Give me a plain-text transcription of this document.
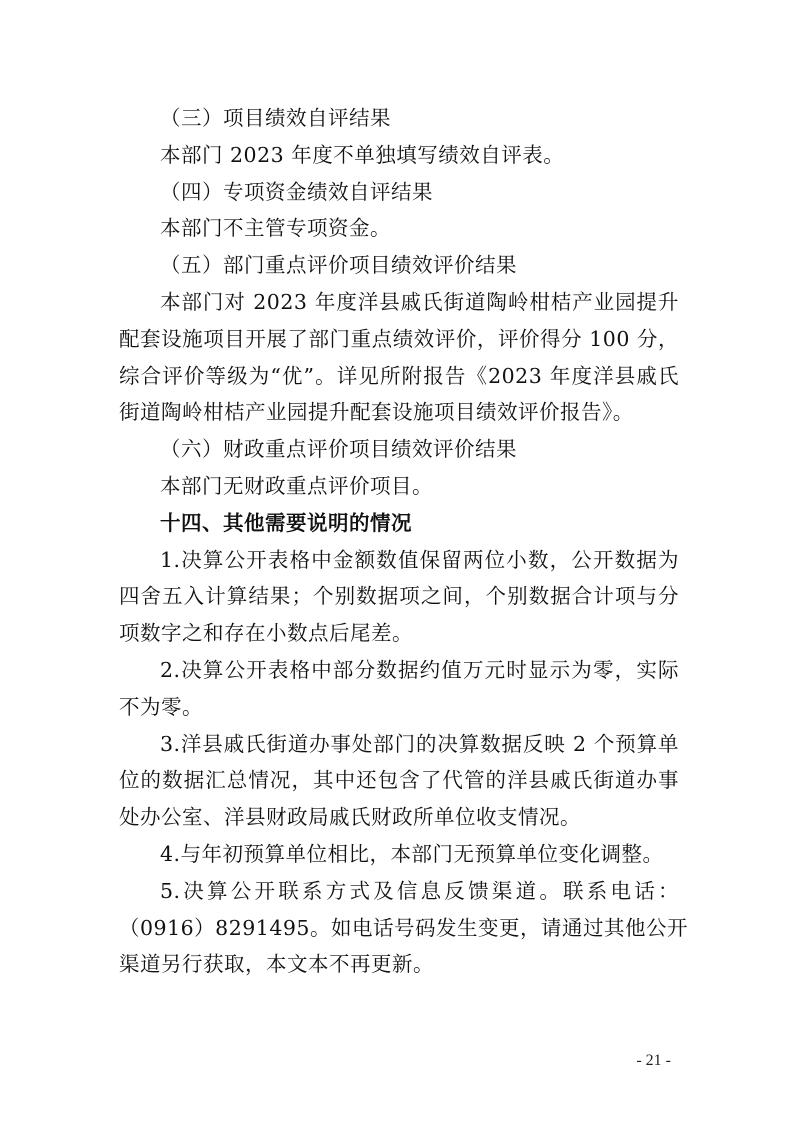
（三）项目绩效自评结果
本部门 2023 年度不单独填写绩效自评表。
（四）专项资金绩效自评结果
本部门不主管专项资金。
（五）部门重点评价项目绩效评价结果
本部门对 2023 年度洋县戚氏街道陶岭柑桔产业园提升
配套设施项目开展了部门重点绩效评价，评价得分 100 分，
综合评价等级为“优”。详见所附报告《2023 年度洋县戚氏
街道陶岭柑桔产业园提升配套设施项目绩效评价报告》。
（六）财政重点评价项目绩效评价结果
本部门无财政重点评价项目。
十四、其他需要说明的情况
1.决算公开表格中金额数值保留两位小数，公开数据为
四舍五入计算结果；个别数据项之间，个别数据合计项与分
项数字之和存在小数点后尾差。
2.决算公开表格中部分数据约值万元时显示为零，实际
不为零。
3.洋县戚氏街道办事处部门的决算数据反映 2 个预算单
位的数据汇总情况，其中还包含了代管的洋县戚氏街道办事
处办公室、洋县财政局戚氏财政所单位收支情况。
4.与年初预算单位相比，本部门无预算单位变化调整。
5.决算公开联系方式及信息反馈渠道。联系电话：
（0916）8291495。如电话号码发生变更，请通过其他公开
渠道另行获取，本文本不再更新。
- 21 -
